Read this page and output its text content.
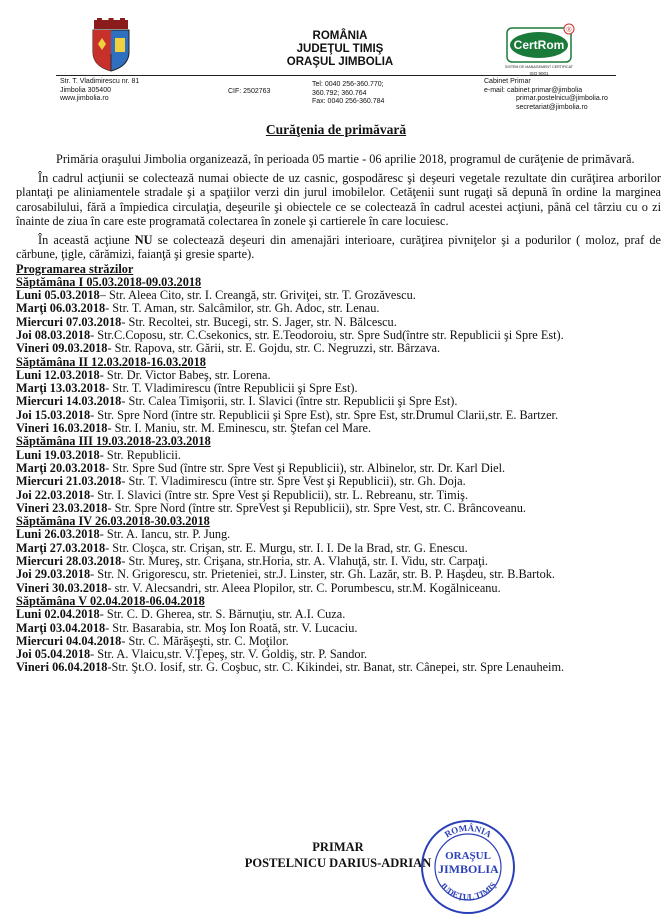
ROMÂNIA
JUDEŢUL TIMIŞ
ORAŞUL JIMBOLIA
CertRom
®
SISTEM DE MANAGEMENT CERTIFICAT
ISO 9001
Str. T. Vladimirescu nr. 81
Jimbolia 305400
www.jimbolia.ro
CIF: 2502763
Tel: 0040 256-360.770;
360.792; 360.764
Fax: 0040 256-360.784
Cabinet Primar
e-mail: cabinet.primar@jimbolia
primar.postelnicu@jimbolia.ro
secretariat@jimbolia.ro
Curăţenia de primăvară

Primăria oraşului Jimbolia organizează, în perioada 05 martie - 06 aprilie 2018, programul de curăţenie de primăvară.

În cadrul acţiunii se colectează numai obiecte de uz casnic, gospodăresc şi deşeuri vegetale rezultate din curăţirea arborilor plantaţi pe aliniamentele stradale şi a spaţiilor verzi din jurul imobilelor. Cetăţenii sunt rugaţi să depună în ordine la marginea carosabilului, fără a împiedica circulaţia, deşeurile şi obiectele ce se colectează în cadrul acestei acţiuni, până cel târziu cu o zi înainte de ziua în care este programată colectarea în zonele şi cartierele în care locuiesc.

În această acţiune NU se colectează deşeuri din amenajări interioare, curăţirea pivniţelor şi a podurilor ( moloz, praf de cărbune, ţigle, cărămizi, faianţă şi gresie sparte).

Programarea străzilor
Săptămâna I 05.03.2018-09.03.2018
Luni 05.03.2018– Str. Aleea Cito, str. I. Creangă, str. Griviţei, str. T. Grozăvescu.
Marţi 06.03.2018- Str. T. Aman, str. Salcâmilor, str. Gh. Adoc, str. Lenau.
Miercuri 07.03.2018- Str. Recoltei, str. Bucegi, str. S. Jager, str. N. Bălcescu.
Joi 08.03.2018- Str.C.Coposu, str. C.Csekonics, str. E.Teodoroiu, str. Spre Sud(între str. Republicii şi Spre Est).
Vineri 09.03.2018- Str. Rapova, str. Gării, str. E. Gojdu, str. C. Negruzzi, str. Bârzava.
Săptămâna II 12.03.2018-16.03.2018
Luni 12.03.2018- Str. Dr. Victor Babeş, str. Lorena.
Marţi 13.03.2018- Str. T. Vladimirescu (între Republicii şi Spre Est).
Miercuri 14.03.2018- Str. Calea Timişorii, str. I. Slavici (între str. Republicii şi Spre Est).
Joi 15.03.2018- Str. Spre Nord (între str. Republicii şi Spre Est), str. Spre Est, str.Drumul Clarii,str. E. Bartzer.
Vineri 16.03.2018- Str. I. Maniu, str. M. Eminescu, str. Ştefan cel Mare.
Săptămâna III 19.03.2018-23.03.2018
Luni 19.03.2018- Str. Republicii.
Marţi 20.03.2018- Str. Spre Sud (între str. Spre Vest şi Republicii), str. Albinelor, str. Dr. Karl Diel.
Miercuri 21.03.2018- Str. T. Vladimirescu (între str. Spre Vest şi Republicii), str. Gh. Doja.
Joi 22.03.2018- Str. I. Slavici (între str. Spre Vest şi Republicii), str. L. Rebreanu, str. Timiş.
Vineri 23.03.2018- Str. Spre Nord (între str. SpreVest şi Republicii), str. Spre Vest, str. C. Brâncoveanu.
Săptămâna IV 26.03.2018-30.03.2018
Luni 26.03.2018- Str. A. Iancu, str. P. Jung.
Marţi 27.03.2018- Str. Cloşca, str. Crişan, str. E. Murgu, str. I. I. De la Brad, str. G. Enescu.
Miercuri 28.03.2018- Str. Mureş, str. Crişana, str.Horia, str. A. Vlahuţă, str. I. Vidu, str. Carpaţi.
Joi 29.03.2018- Str. N. Grigorescu, str. Prieteniei, str.J. Linster, str. Gh. Lazăr, str. B. P. Haşdeu, str. B.Bartok.
Vineri 30.03.2018- str. V. Alecsandri, str. Aleea Plopilor, str. C. Porumbescu, str.M. Kogălniceanu.
Săptămâna V 02.04.2018-06.04.2018
Luni 02.04.2018- Str. C. D. Gherea, str. S. Bărnuţiu, str. A.I. Cuza.
Marţi 03.04.2018- Str. Basarabia, str. Moş Ion Roată, str. V. Lucaciu.
Miercuri 04.04.2018- Str. C. Mărăşeşti, str. C. Moţilor.
Joi 05.04.2018- Str. A. Vlaicu,str. V.Ţepeş, str. V. Goldiş, str. P. Sandor.
Vineri 06.04.2018-Str. Şt.O. Iosif, str. G. Coşbuc, str. C. Kikindei, str. Banat, str. Cânepei, str. Spre Lenauheim.
PRIMAR
POSTELNICU DARIUS-ADRIAN
ROMÂNIA
JUDEŢUL TIMIŞ
ORAŞUL
JIMBOLIA
